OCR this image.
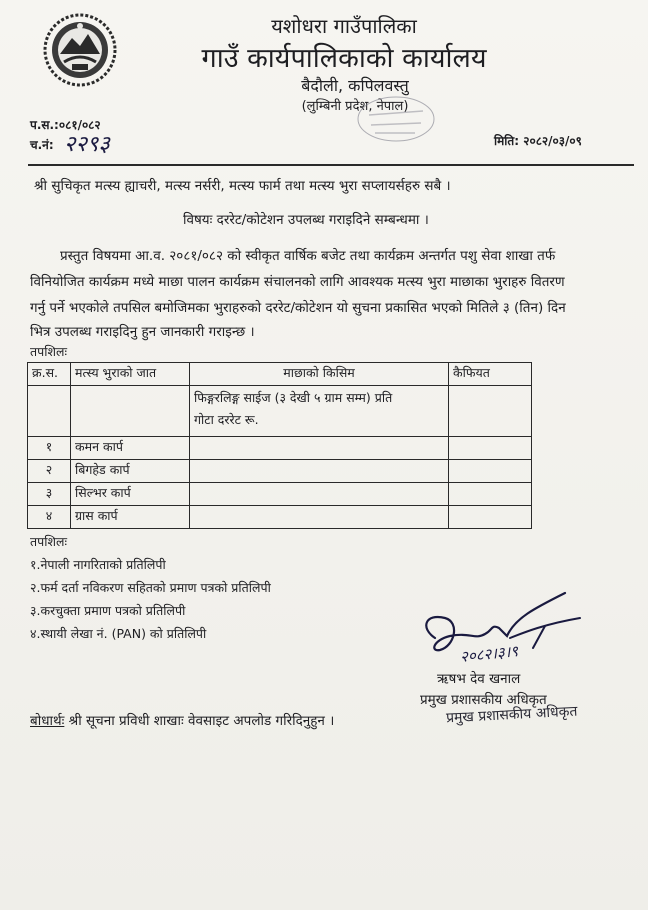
यशोधरा गाउँपालिका
गाउँ कार्यपालिकाको कार्यालय
बैदौली, कपिलवस्तु
(लुम्बिनी प्रदेश, नेपाल)
प.स.:०८१/०८२
च.नं: २२९३	मिति: २०८२/०३/०९
श्री सुचिकृत मत्स्य ह्याचरी, मत्स्य नर्सरी, मत्स्य फार्म तथा मत्स्य भुरा सप्लायर्सहरु सबै ।
विषयः दररेट/कोटेशन उपलब्ध गराइदिने सम्बन्धमा ।
प्रस्तुत विषयमा आ.व. २०८१/०८२ को स्वीकृत वार्षिक बजेट तथा कार्यक्रम अन्तर्गत पशु सेवा शाखा तर्फ
विनियोजित कार्यक्रम मध्ये माछा पालन कार्यक्रम संचालनको लागि आवश्यक मत्स्य भुरा माछाका भुराहरु वितरण
गर्नु पर्ने भएकोले तपसिल बमोजिमका भुराहरुको दररेट/कोटेशन यो सुचना प्रकासित भएको मितिले ३ (तिन) दिन
भित्र उपलब्ध गराइदिनु हुन जानकारी गराइन्छ ।
तपशिलः
क्र.स.	मत्स्य भुराको जात	माछाको किसिम	कैफियत

		फिङ्गरलिङ्ग साईज (३ देखी ५ ग्राम सम्म) प्रति
गोटा दररेट रू.	

१	कमन कार्प		
२	बिगहेड कार्प		
३	सिल्भर कार्प		
४	ग्रास कार्प		
तपशिलः
१.नेपाली नागरिताको प्रतिलिपी
२.फर्म दर्ता नविकरण सहितको प्रमाण पत्रको प्रतिलिपी
३.करचुक्ता प्रमाण पत्रको प्रतिलिपी
४.स्थायी लेखा नं. (PAN) को प्रतिलिपी
२०८२।३।९
ऋषभ देव खनाल
प्रमुख प्रशासकीय अधिकृत
प्रमुख प्रशासकीय अधिकृत
बोधार्थः श्री सूचना प्रविधी शाखाः वेवसाइट अपलोड गरिदिनुहुन ।
